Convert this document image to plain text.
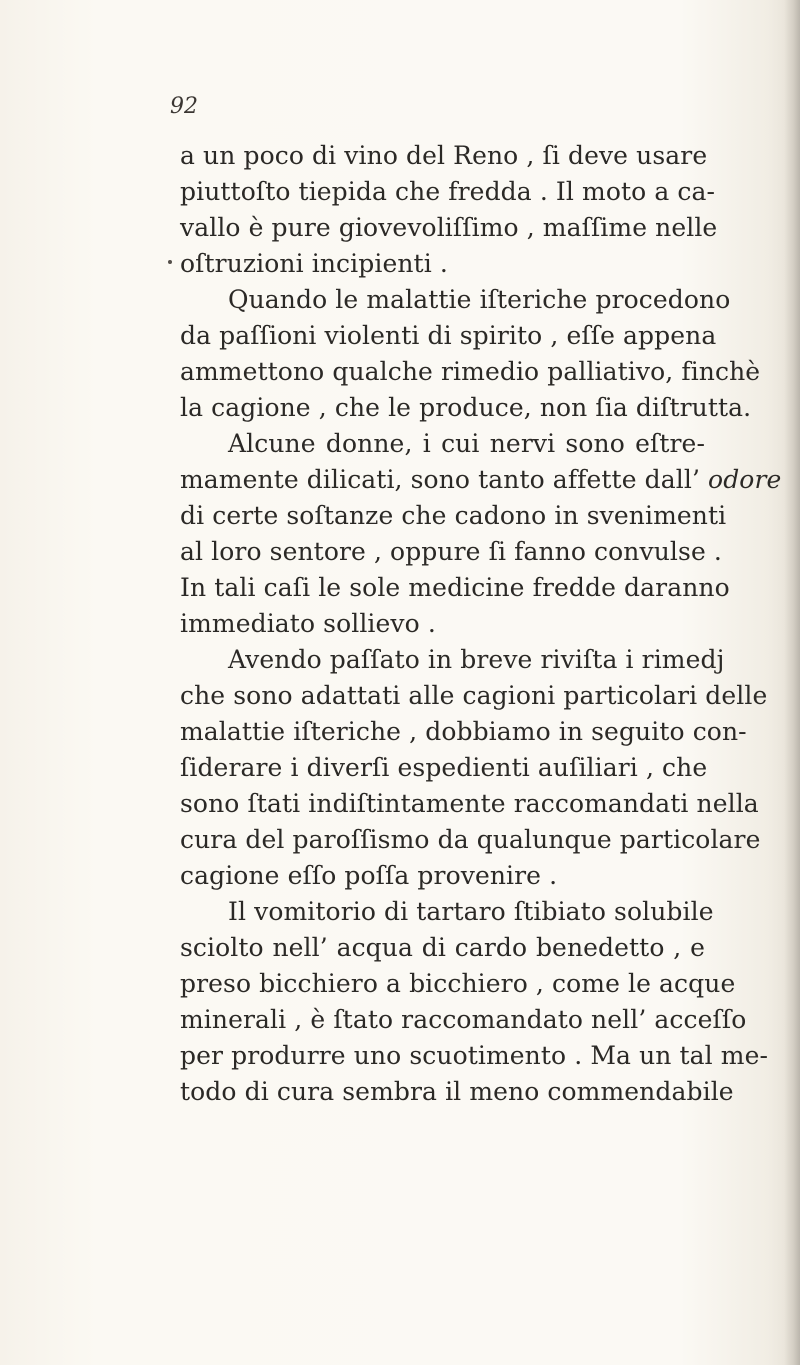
92
a un poco di vino del Reno , ſi deve usare
piuttoſto tiepida che fredda . Il moto a ca-
vallo è pure giovevoliſſimo , maſſime nelle
oſtruzioni incipienti .
Quando le malattie iſteriche procedono
da paſſioni violenti di spirito , eſſe appena
ammettono qualche rimedio palliativo, finchè
la cagione , che le produce, non ſia diſtrutta.
Alcune donne, i cui nervi sono eſtre-
mamente dilicati, sono tanto affette dall’ odore
di certe soſtanze che cadono in svenimenti
al loro sentore , oppure ſi fanno convulse .
In tali caſi le sole medicine fredde daranno
immediato sollievo .
Avendo paſſato in breve riviſta i rimedj
che sono adattati alle cagioni particolari delle
malattie iſteriche , dobbiamo in seguito con-
ſiderare i diverſi espedienti auſiliari , che
sono ſtati indiſtintamente raccomandati nella
cura del paroſſismo da qualunque particolare
cagione eſſo poſſa provenire .
Il vomitorio di tartaro ſtibiato solubile
sciolto nell’ acqua di cardo benedetto , e
preso bicchiero a bicchiero , come le acque
minerali , è ſtato raccomandato nell’ acceſſo
per produrre uno scuotimento . Ma un tal me-
todo di cura sembra il meno commendabile
